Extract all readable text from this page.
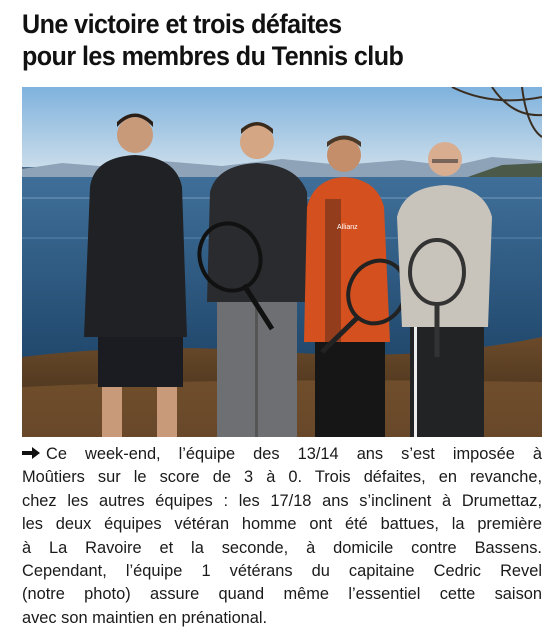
Une victoire et trois défaites
pour les membres du Tennis club
Allianz
Ce week-end, l’équipe des 13/14 ans s’est imposée à
Moûtiers sur le score de 3 à 0. Trois défaites, en revanche,
chez les autres équipes : les 17/18 ans s’inclinent à Drumettaz,
les deux équipes vétéran homme ont été battues, la première
à La Ravoire et la seconde, à domicile contre Bassens.
Cependant, l’équipe 1 vétérans du capitaine Cedric Revel
(notre photo) assure quand même l’essentiel cette saison
avec son maintien en prénational.
